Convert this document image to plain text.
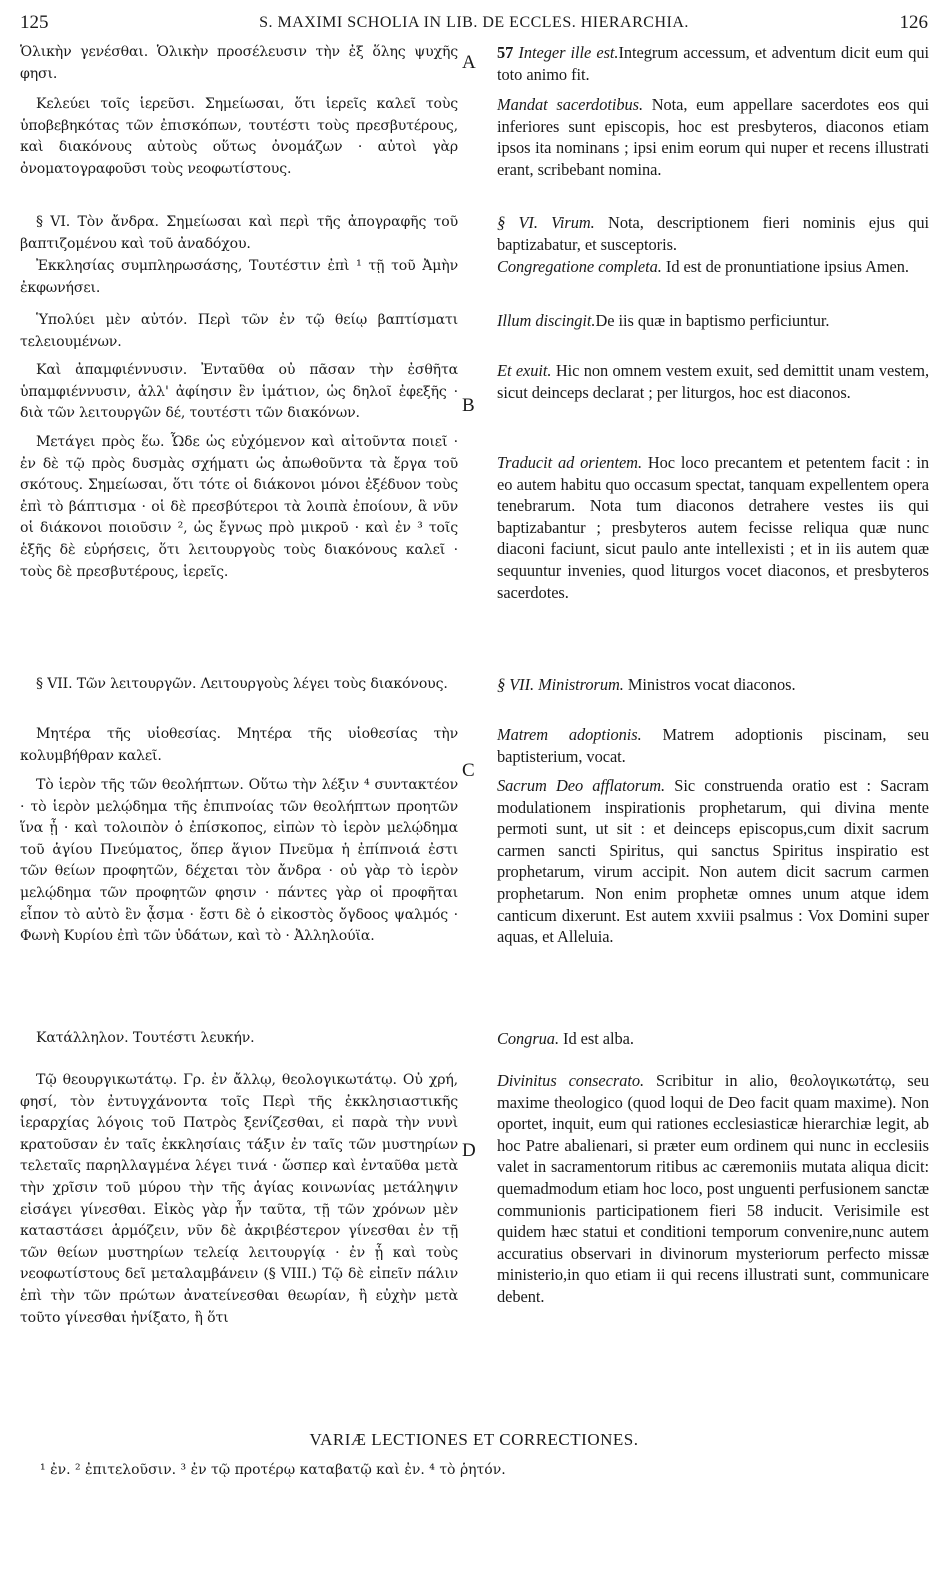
125	S. MAXIMI SCHOLIA IN LIB. DE ECCLES. HIERARCHIA.	126
A
B
C
D

Ὁλικὴν γενέσθαι. Ὁλικὴν προσέλευσιν τὴν ἐξ ὅλης ψυχῆς φησι.

Κελεύει τοῖς ἱερεῦσι. Σημείωσαι, ὅτι ἱερεῖς καλεῖ τοὺς ὑποβεβηκότας τῶν ἐπισκόπων, τουτέστι τοὺς πρεσβυτέρους, καὶ διακόνους αὐτοὺς οὕτως ὀνομάζων · αὐτοὶ γὰρ ὀνοματογραφοῦσι τοὺς νεοφωτίστους.

§ VI. Τὸν ἄνδρα. Σημείωσαι καὶ περὶ τῆς ἀπογραφῆς τοῦ βαπτιζομένου καὶ τοῦ ἀναδόχου.

Ἐκκλησίας συμπληρωσάσης, Τουτέστιν ἐπὶ ¹ τῇ τοῦ Ἀμὴν ἐκφωνήσει.

Ὑπολύει μὲν αὐτόν. Περὶ τῶν ἐν τῷ θείῳ βαπτίσματι τελειουμένων.

Καὶ ἀπαμφιέννυσιν. Ἐνταῦθα οὐ πᾶσαν τὴν ἐσθῆτα ὑπαμφιέννυσιν, ἀλλ' ἀφίησιν ἓν ἱμάτιον, ὡς δηλοῖ ἐφεξῆς · διὰ τῶν λειτουργῶν δέ, τουτέστι τῶν διακόνων.

Μετάγει πρὸς ἕω. Ὧδε ὡς εὐχόμενον καὶ αἰτοῦντα ποιεῖ · ἐν δὲ τῷ πρὸς δυσμὰς σχήματι ὡς ἀπωθοῦντα τὰ ἔργα τοῦ σκότους. Σημείωσαι, ὅτι τότε οἱ διάκονοι μόνοι ἐξέδυον τοὺς ἐπὶ τὸ βάπτισμα · οἱ δὲ πρεσβύτεροι τὰ λοιπὰ ἐποίουν, ἃ νῦν οἱ διάκονοι ποιοῦσιν ², ὡς ἔγνως πρὸ μικροῦ · καὶ ἐν ³ τοῖς ἑξῆς δὲ εὑρήσεις, ὅτι λειτουργοὺς τοὺς διακόνους καλεῖ · τοὺς δὲ πρεσβυτέρους, ἱερεῖς.

§ VII. Τῶν λειτουργῶν. Λειτουργοὺς λέγει τοὺς διακόνους.

Μητέρα τῆς υἱοθεσίας. Μητέρα τῆς υἱοθεσίας τὴν κολυμβήθραν καλεῖ.

Τὸ ἱερὸν τῆς τῶν θεολήπτων. Οὕτω τὴν λέξιν ⁴ συντακτέον · τὸ ἱερὸν μελῴδημα τῆς ἐπιπνοίας τῶν θεολήπτων προητῶν ἵνα ᾖ · καὶ τολοιπὸν ὁ ἐπίσκοπος, εἰπὼν τὸ ἱερὸν μελῴδημα τοῦ ἁγίου Πνεύματος, ὅπερ ἅγιον Πνεῦμα ἡ ἐπίπνοιά ἐστι τῶν θείων προφητῶν, δέχεται τὸν ἄνδρα · οὐ γὰρ τὸ ἱερὸν μελῴδημα τῶν προφητῶν φησιν · πάντες γὰρ οἱ προφῆται εἶπον τὸ αὐτὸ ἓν ᾆσμα · ἔστι δὲ ὁ εἰκοστὸς ὄγδοος ψαλμός · Φωνὴ Κυρίου ἐπὶ τῶν ὑδάτων, καὶ τὸ · Ἀλληλούϊα.

Κατάλληλον. Τουτέστι λευκήν.

Τῷ θεουργικωτάτῳ. Γρ. ἐν ἄλλῳ, θεολογικωτάτῳ. Οὐ χρή, φησί, τὸν ἐντυγχάνοντα τοῖς Περὶ τῆς ἐκκλησιαστικῆς ἱεραρχίας λόγοις τοῦ Πατρὸς ξενίζεσθαι, εἰ παρὰ τὴν νυνὶ κρατοῦσαν ἐν ταῖς ἐκκλησίαις τάξιν ἐν ταῖς τῶν μυστηρίων τελεταῖς παρηλλαγμένα λέγει τινά · ὥσπερ καὶ ἐνταῦθα μετὰ τὴν χρῖσιν τοῦ μύρου τὴν τῆς ἁγίας κοινωνίας μετάληψιν εἰσάγει γίνεσθαι. Εἰκὸς γὰρ ἦν ταῦτα, τῇ τῶν χρόνων μὲν καταστάσει ἁρμόζειν, νῦν δὲ ἀκριβέστερον γίνεσθαι ἐν τῇ τῶν θείων μυστηρίων τελείᾳ λειτουργίᾳ · ἐν ᾗ καὶ τοὺς νεοφωτίστους δεῖ μεταλαμβάνειν (§ VIII.) Τῷ δὲ εἰπεῖν πάλιν ἐπὶ τὴν τῶν πρώτων ἀνατείνεσθαι θεωρίαν, ἢ εὐχὴν μετὰ τοῦτο γίνεσθαι ἠνίξατο, ἢ ὅτι

57 Integer ille est.Integrum accessum, et adventum dicit eum qui toto animo fit.

Mandat sacerdotibus. Nota, eum appellare sacerdotes eos qui inferiores sunt episcopis, hoc est presbyteros, diaconos etiam ipsos ita nominans ; ipsi enim eorum qui nuper et recens illustrati erant, scribebant nomina.

§ VI. Virum. Nota, descriptionem fieri nominis ejus qui baptizabatur, et susceptoris.

Congregatione completa. Id est de pronuntiatione ipsius Amen.

Illum discingit.De iis quæ in baptismo perficiuntur.

Et exuit. Hic non omnem vestem exuit, sed demittit unam vestem, sicut deinceps declarat ; per liturgos, hoc est diaconos.

Traducit ad orientem. Hoc loco precantem et petentem facit : in eo autem habitu quo occasum spectat, tanquam expellentem opera tenebrarum. Nota tum diaconos detrahere vestes iis qui baptizabantur ; presbyteros autem fecisse reliqua quæ nunc diaconi faciunt, sicut paulo ante intellexisti ; et in iis autem quæ sequuntur invenies, quod liturgos vocet diaconos, et presbyteros sacerdotes.

§ VII. Ministrorum. Ministros vocat diaconos.

Matrem adoptionis. Matrem adoptionis piscinam, seu baptisterium, vocat.

Sacrum Deo afflatorum. Sic construenda oratio est : Sacram modulationem inspirationis prophetarum, qui divina mente permoti sunt, ut sit : et deinceps episcopus,cum dixit sacrum carmen sancti Spiritus, qui sanctus Spiritus inspiratio est prophetarum, virum accipit. Non autem dicit sacrum carmen prophetarum. Non enim prophetæ omnes unum atque idem canticum dixerunt. Est autem xxviii psalmus : Vox Domini super aquas, et Alleluia.

Congrua. Id est alba.

Divinitus consecrato. Scribitur in alio, θεολογικωτάτῳ, seu maxime theologico (quod loqui de Deo facit quam maxime). Non oportet, inquit, eum qui rationes ecclesiasticæ hierarchiæ legit, ab hoc Patre abalienari, si præter eum ordinem qui nunc in ecclesiis valet in sacramentorum ritibus ac cæremoniis mutata aliqua dicit: quemadmodum etiam hoc loco, post unguenti perfusionem sanctæ communionis participationem fieri 58 inducit. Verisimile est quidem hæc statui et conditioni temporum convenire,nunc autem accuratius observari in divinorum mysteriorum perfecto missæ ministerio,in quo etiam ii qui recens illustrati sunt, communicare debent.

VARIÆ LECTIONES ET CORRECTIONES.
¹ ἐν. ² ἐπιτελοῦσιν. ³ ἐν τῷ προτέρῳ καταβατῷ καὶ ἐν. ⁴ τὸ ῥητόν.
